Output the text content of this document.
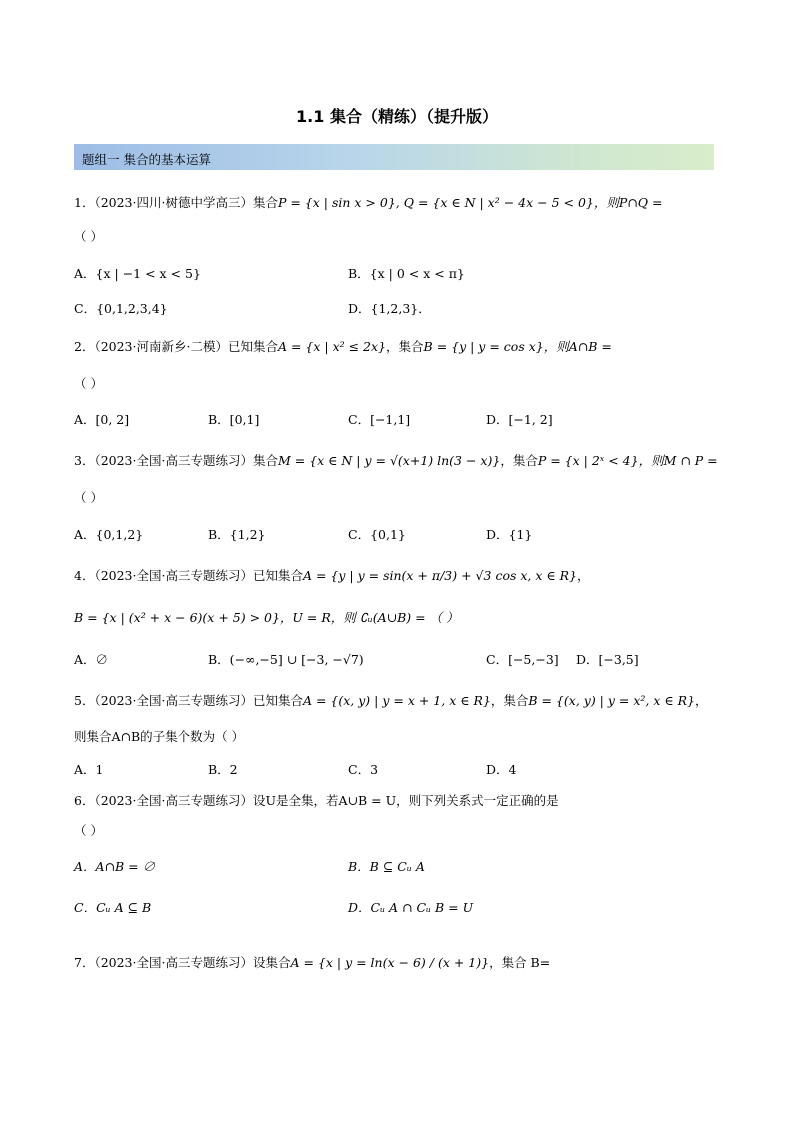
1.1 集合（精练）（提升版）
题组一 集合的基本运算
1．（2023·四川·树德中学高三）集合P = {x | sin x > 0}, Q = {x ∈ N | x² − 4x − 5 < 0}，则P∩Q =
（ ）
A．{x | −1 < x < 5}	B．{x | 0 < x < π}
C．{0,1,2,3,4}	D．{1,2,3}．
2．（2023·河南新乡·二模）已知集合A = {x | x² ≤ 2x}，集合B = {y | y = cos x}，则A∩B =
（ ）
A．[0, 2]	B．[0,1]	C．[−1,1]	D．[−1, 2]
3．（2023·全国·高三专题练习）集合M = {x ∈ N | y = √(x+1) ln(3 − x)}，集合P = {x | 2ˣ < 4}，则M ∩ P =
（ ）
A．{0,1,2}	B．{1,2}	C．{0,1}	D．{1}
4．（2023·全国·高三专题练习）已知集合A = {y | y = sin(x + π/3) + √3 cos x, x ∈ R}，
B = {x | (x² + x − 6)(x + 5) > 0}，U = R，则 ∁ᵤ(A∪B) = （ ）
A．∅	B．(−∞,−5] ∪ [−3, −√7)	C．[−5,−3] D．[−3,5]
5．（2023·全国·高三专题练习）已知集合A = {(x, y) | y = x + 1, x ∈ R}，集合B = {(x, y) | y = x², x ∈ R}，
则集合A∩B的子集个数为（ ）
A．1	B．2	C．3	D．4
6．（2023·全国·高三专题练习）设U是全集，若A∪B = U，则下列关系式一定正确的是
（ ）
A．A∩B = ∅	B．B ⊆ Cᵤ A
C．Cᵤ A ⊆ B	D．Cᵤ A ∩ Cᵤ B = U
7．（2023·全国·高三专题练习）设集合A = {x | y = ln(x − 6) / (x + 1)}，集合 B=
